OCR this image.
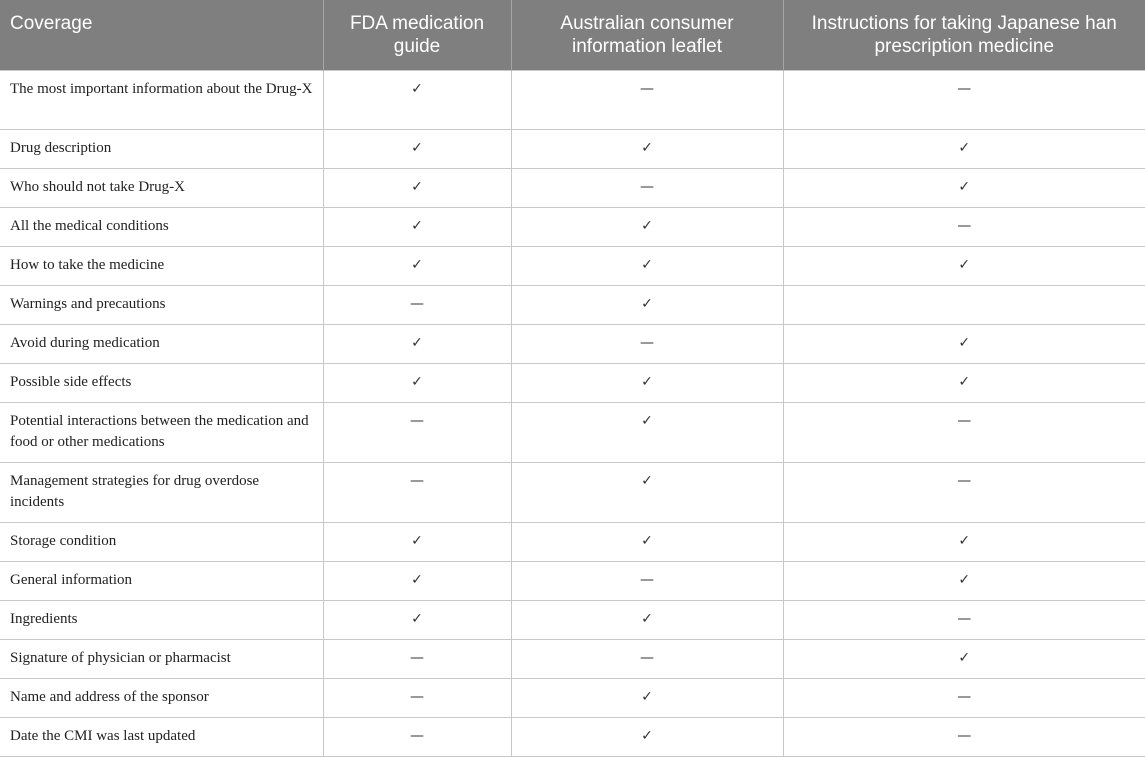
Coverage	FDA medication guide	Australian consumer information leaflet	Instructions for taking Japanese han prescription medicine
The most important information about the Drug-X	✓	—	—
Drug description	✓	✓	✓
Who should not take Drug-X	✓	—	✓
All the medical conditions	✓	✓	—
How to take the medicine	✓	✓	✓
Warnings and precautions	—	✓	
Avoid during medication	✓	—	✓
Possible side effects	✓	✓	✓
Potential interactions between the medication and food or other medications	—	✓	—
Management strategies for drug overdose incidents	—	✓	—
Storage condition	✓	✓	✓
General information	✓	—	✓
Ingredients	✓	✓	—
Signature of physician or pharmacist	—	—	✓
Name and address of the sponsor	—	✓	—
Date the CMI was last updated	—	✓	—
